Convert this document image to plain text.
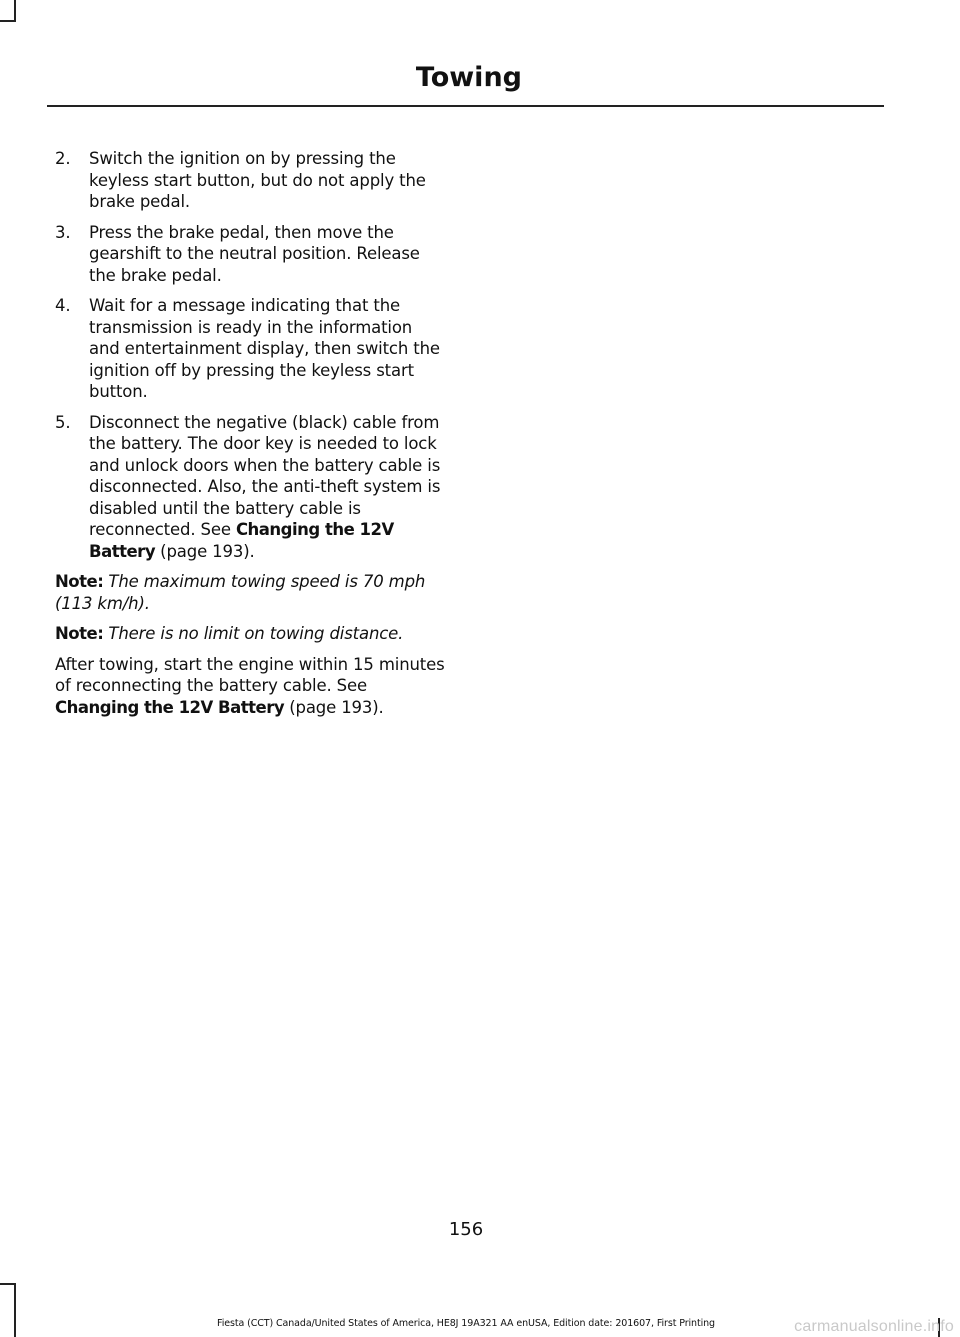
Towing
2. Switch the ignition on by pressing the keyless start button, but do not apply the brake pedal.
3. Press the brake pedal, then move the gearshift to the neutral position. Release the brake pedal.
4. Wait for a message indicating that the transmission is ready in the information and entertainment display, then switch the ignition off by pressing the keyless start button.
5. Disconnect the negative (black) cable from the battery. The door key is needed to lock and unlock doors when the battery cable is disconnected. Also, the anti-theft system is disabled until the battery cable is reconnected. See Changing the 12V Battery (page 193).

Note: The maximum towing speed is 70 mph (113 km/h).

Note: There is no limit on towing distance.

After towing, start the engine within 15 minutes of reconnecting the battery cable. See Changing the 12V Battery (page 193).

156
Fiesta (CCT) Canada/United States of America, HE8J 19A321 AA enUSA, Edition date: 201607, First Printing	carmanualsonline.info
